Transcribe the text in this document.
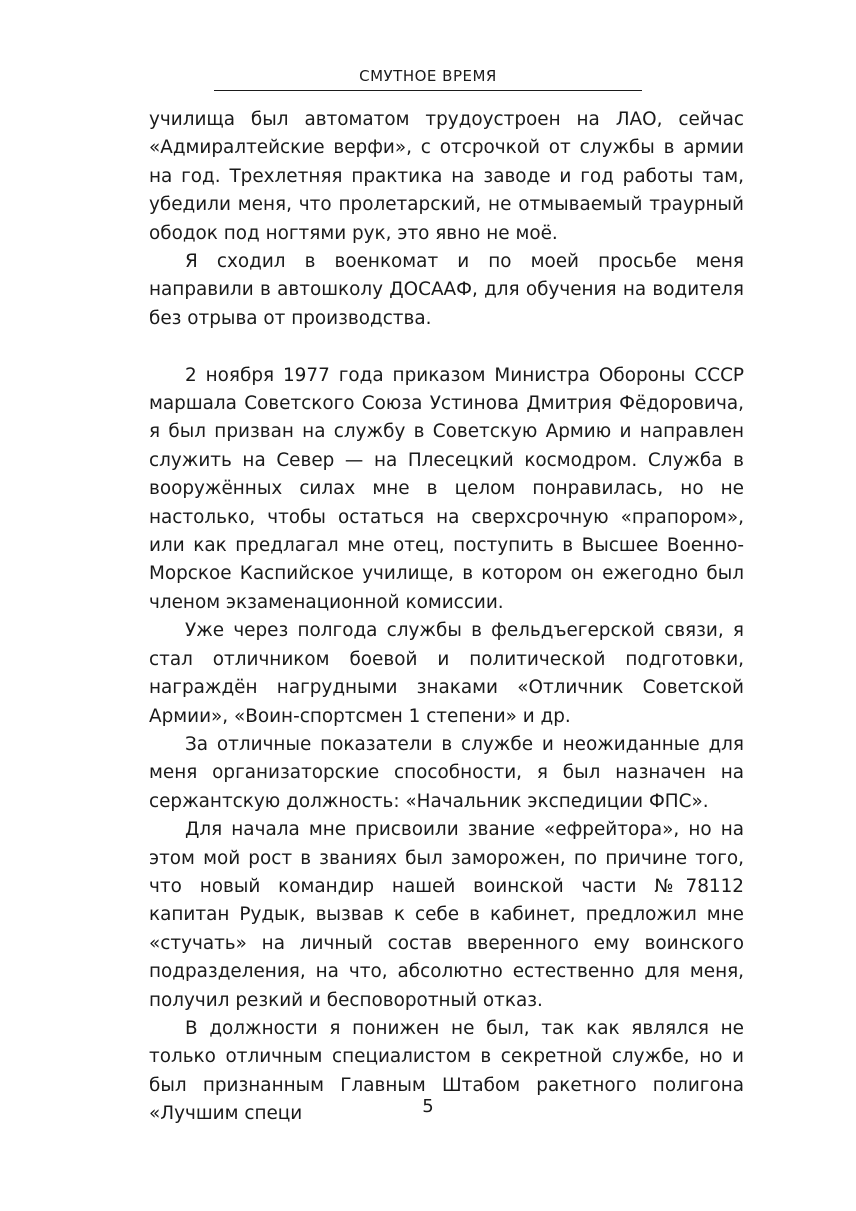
СМУТНОЕ ВРЕМЯ

училища был автоматом трудоустроен на ЛАО, сейчас «Адмиралтейские верфи», с отсрочкой от службы в армии на год. Трехлетняя практика на заводе и год работы там, убедили меня, что пролетарский, не отмываемый траурный ободок под ногтями рук, это явно не моё.

Я сходил в военкомат и по моей просьбе меня направили в автошколу ДОСААФ, для обучения на водителя без отрыва от производства.

2 ноября 1977 года приказом Министра Обороны СССР маршала Советского Союза Устинова Дмитрия Фёдоровича, я был призван на службу в Советскую Армию и направлен служить на Север — на Плесецкий космодром. Служба в вооружённых силах мне в целом понравилась, но не настолько, чтобы остаться на сверхсрочную «прапором», или как предлагал мне отец, поступить в Высшее Военно-Морское Каспийское училище, в котором он ежегодно был членом экзаменационной комиссии.

Уже через полгода службы в фельдъегерской связи, я стал отличником боевой и политической подготовки, награждён нагрудными знаками «Отличник Советской Армии», «Воин-спортсмен 1 степени» и др.

За отличные показатели в службе и неожиданные для меня организаторские способности, я был назначен на сержантскую должность: «Начальник экспедиции ФПС».

Для начала мне присвоили звание «ефрейтора», но на этом мой рост в званиях был заморожен, по причине того, что новый командир нашей воинской части №78112 капитан Рудык, вызвав к себе в кабинет, предложил мне «стучать» на личный состав вверенного ему воинского подразделения, на что, абсолютно естественно для меня, получил резкий и бесповоротный отказ.

В должности я понижен не был, так как являлся не только отличным специалистом в секретной службе, но и был признанным Главным Штабом ракетного полигона «Лучшим специ	5
